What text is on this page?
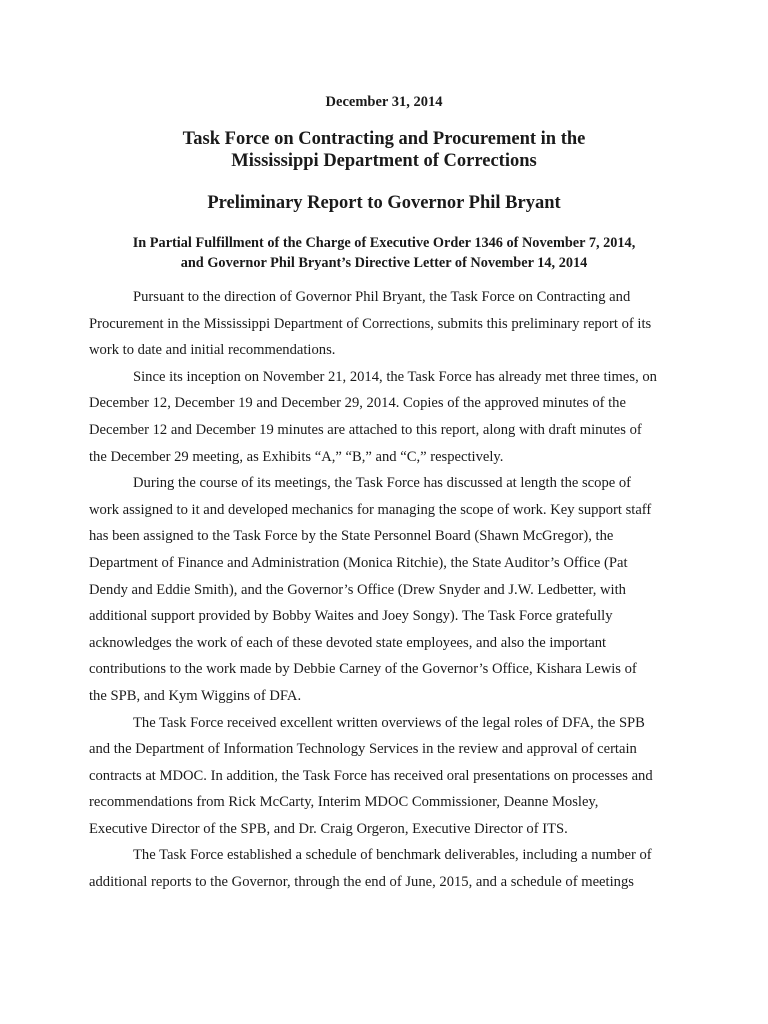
December 31, 2014
Task Force on Contracting and Procurement in the
Mississippi Department of Corrections
Preliminary Report to Governor Phil Bryant
In Partial Fulfillment of the Charge of Executive Order 1346 of November 7, 2014,
and Governor Phil Bryant’s Directive Letter of November 14, 2014

Pursuant to the direction of Governor Phil Bryant, the Task Force on Contracting and
Procurement in the Mississippi Department of Corrections, submits this preliminary report of its
work to date and initial recommendations.

Since its inception on November 21, 2014, the Task Force has already met three times, on
December 12, December 19 and December 29, 2014. Copies of the approved minutes of the
December 12 and December 19 minutes are attached to this report, along with draft minutes of
the December 29 meeting, as Exhibits “A,” “B,” and “C,” respectively.

During the course of its meetings, the Task Force has discussed at length the scope of
work assigned to it and developed mechanics for managing the scope of work. Key support staff
has been assigned to the Task Force by the State Personnel Board (Shawn McGregor), the
Department of Finance and Administration (Monica Ritchie), the State Auditor’s Office (Pat
Dendy and Eddie Smith), and the Governor’s Office (Drew Snyder and J.W. Ledbetter, with
additional support provided by Bobby Waites and Joey Songy). The Task Force gratefully
acknowledges the work of each of these devoted state employees, and also the important
contributions to the work made by Debbie Carney of the Governor’s Office, Kishara Lewis of
the SPB, and Kym Wiggins of DFA.

The Task Force received excellent written overviews of the legal roles of DFA, the SPB
and the Department of Information Technology Services in the review and approval of certain
contracts at MDOC. In addition, the Task Force has received oral presentations on processes and
recommendations from Rick McCarty, Interim MDOC Commissioner, Deanne Mosley,
Executive Director of the SPB, and Dr. Craig Orgeron, Executive Director of ITS.

The Task Force established a schedule of benchmark deliverables, including a number of
additional reports to the Governor, through the end of June, 2015, and a schedule of meetings
